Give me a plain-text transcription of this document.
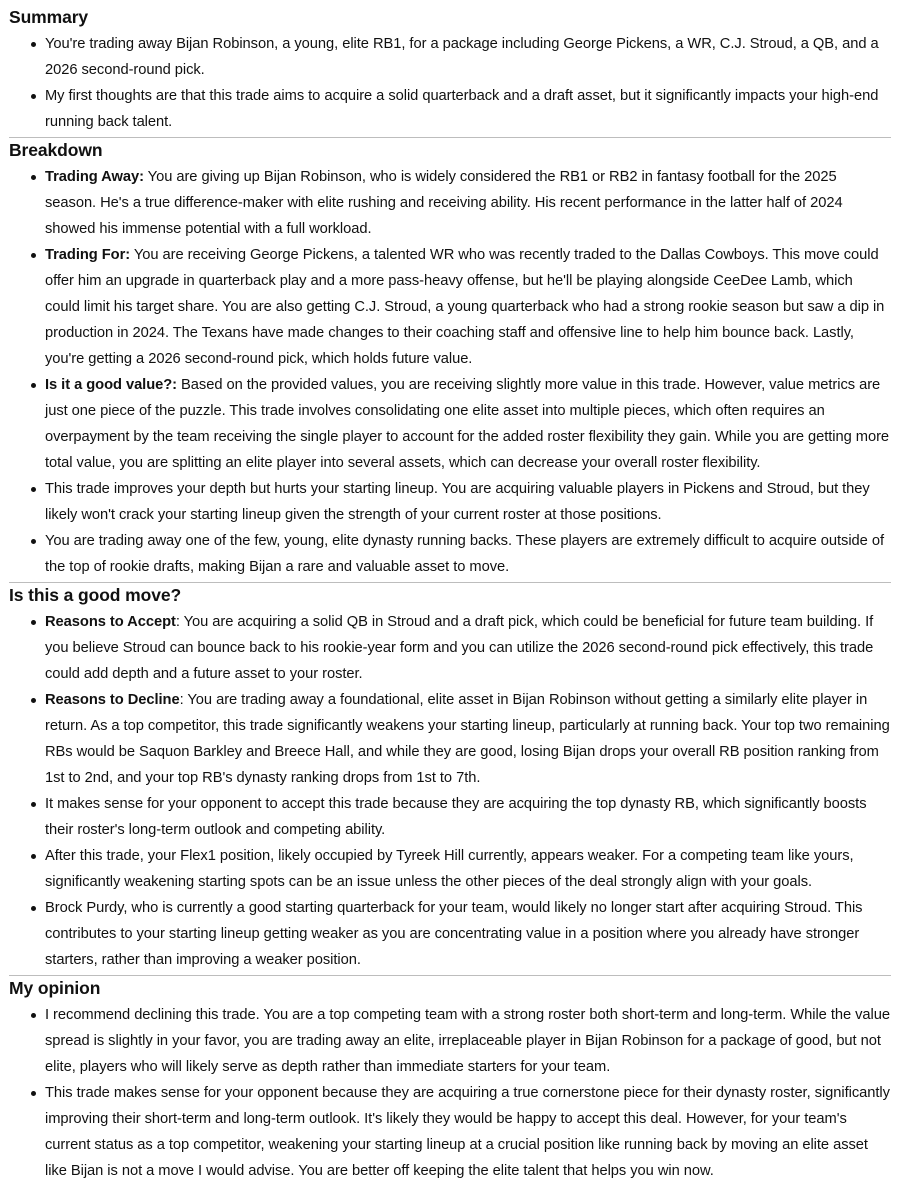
Summary
You're trading away Bijan Robinson, a young, elite RB1, for a package including George Pickens, a WR, C.J. Stroud, a QB, and a 2026 second-round pick.
My first thoughts are that this trade aims to acquire a solid quarterback and a draft asset, but it significantly impacts your high-end running back talent.
Breakdown
Trading Away: You are giving up Bijan Robinson, who is widely considered the RB1 or RB2 in fantasy football for the 2025 season. He's a true difference-maker with elite rushing and receiving ability. His recent performance in the latter half of 2024 showed his immense potential with a full workload.
Trading For: You are receiving George Pickens, a talented WR who was recently traded to the Dallas Cowboys. This move could offer him an upgrade in quarterback play and a more pass-heavy offense, but he'll be playing alongside CeeDee Lamb, which could limit his target share. You are also getting C.J. Stroud, a young quarterback who had a strong rookie season but saw a dip in production in 2024. The Texans have made changes to their coaching staff and offensive line to help him bounce back. Lastly, you're getting a 2026 second-round pick, which holds future value.
Is it a good value?: Based on the provided values, you are receiving slightly more value in this trade. However, value metrics are just one piece of the puzzle. This trade involves consolidating one elite asset into multiple pieces, which often requires an overpayment by the team receiving the single player to account for the added roster flexibility they gain. While you are getting more total value, you are splitting an elite player into several assets, which can decrease your overall roster flexibility.
This trade improves your depth but hurts your starting lineup. You are acquiring valuable players in Pickens and Stroud, but they likely won't crack your starting lineup given the strength of your current roster at those positions.
You are trading away one of the few, young, elite dynasty running backs. These players are extremely difficult to acquire outside of the top of rookie drafts, making Bijan a rare and valuable asset to move.
Is this a good move?
Reasons to Accept: You are acquiring a solid QB in Stroud and a draft pick, which could be beneficial for future team building. If you believe Stroud can bounce back to his rookie-year form and you can utilize the 2026 second-round pick effectively, this trade could add depth and a future asset to your roster.
Reasons to Decline: You are trading away a foundational, elite asset in Bijan Robinson without getting a similarly elite player in return. As a top competitor, this trade significantly weakens your starting lineup, particularly at running back. Your top two remaining RBs would be Saquon Barkley and Breece Hall, and while they are good, losing Bijan drops your overall RB position ranking from 1st to 2nd, and your top RB's dynasty ranking drops from 1st to 7th.
It makes sense for your opponent to accept this trade because they are acquiring the top dynasty RB, which significantly boosts their roster's long-term outlook and competing ability.
After this trade, your Flex1 position, likely occupied by Tyreek Hill currently, appears weaker. For a competing team like yours, significantly weakening starting spots can be an issue unless the other pieces of the deal strongly align with your goals.
Brock Purdy, who is currently a good starting quarterback for your team, would likely no longer start after acquiring Stroud. This contributes to your starting lineup getting weaker as you are concentrating value in a position where you already have stronger starters, rather than improving a weaker position.
My opinion
I recommend declining this trade. You are a top competing team with a strong roster both short-term and long-term. While the value spread is slightly in your favor, you are trading away an elite, irreplaceable player in Bijan Robinson for a package of good, but not elite, players who will likely serve as depth rather than immediate starters for your team.
This trade makes sense for your opponent because they are acquiring a true cornerstone piece for their dynasty roster, significantly improving their short-term and long-term outlook. It's likely they would be happy to accept this deal. However, for your team's current status as a top competitor, weakening your starting lineup at a crucial position like running back by moving an elite asset like Bijan is not a move I would advise. You are better off keeping the elite talent that helps you win now.
